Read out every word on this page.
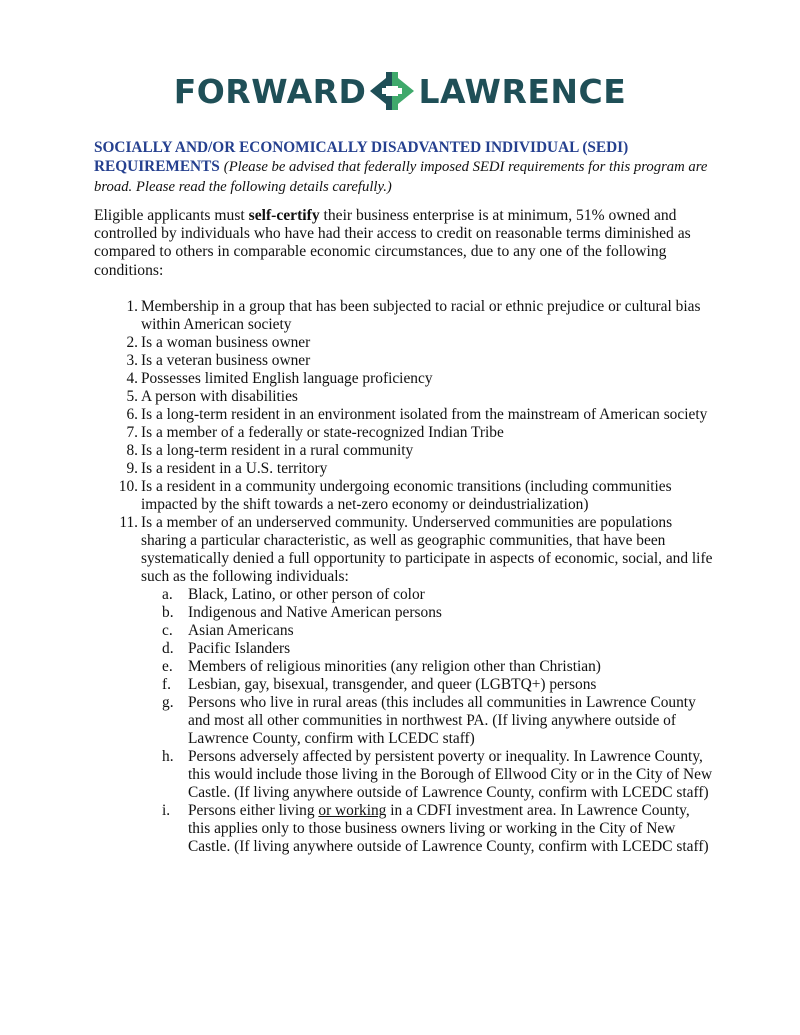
FORWARD LAWRENCE
SOCIALLY AND/OR ECONOMICALLY DISADVANTED INDIVIDUAL (SEDI)
REQUIREMENTS (Please be advised that federally imposed SEDI requirements for this program are broad. Please read the following details carefully.)
Eligible applicants must self-certify their business enterprise is at minimum, 51% owned and controlled by individuals who have had their access to credit on reasonable terms diminished as compared to others in comparable economic circumstances, due to any one of the following conditions:
1. Membership in a group that has been subjected to racial or ethnic prejudice or cultural bias within American society
2. Is a woman business owner
3. Is a veteran business owner
4. Possesses limited English language proficiency
5. A person with disabilities
6. Is a long-term resident in an environment isolated from the mainstream of American society
7. Is a member of a federally or state-recognized Indian Tribe
8. Is a long-term resident in a rural community
9. Is a resident in a U.S. territory
10. Is a resident in a community undergoing economic transitions (including communities impacted by the shift towards a net-zero economy or deindustrialization)
11. Is a member of an underserved community. Underserved communities are populations sharing a particular characteristic, as well as geographic communities, that have been systematically denied a full opportunity to participate in aspects of economic, social, and life such as the following individuals:
a. Black, Latino, or other person of color
b. Indigenous and Native American persons
c. Asian Americans
d. Pacific Islanders
e. Members of religious minorities (any religion other than Christian)
f.	Lesbian, gay, bisexual, transgender, and queer (LGBTQ+) persons
g. Persons who live in rural areas (this includes all communities in Lawrence County and most all other communities in northwest PA. (If living anywhere outside of Lawrence County, confirm with LCEDC staff)
h. Persons adversely affected by persistent poverty or inequality. In Lawrence County, this would include those living in the Borough of Ellwood City or in the City of New Castle. (If living anywhere outside of Lawrence County, confirm with LCEDC staff)
i.	Persons either living or working in a CDFI investment area. In Lawrence County, this applies only to those business owners living or working in the City of New Castle. (If living anywhere outside of Lawrence County, confirm with LCEDC staff)
